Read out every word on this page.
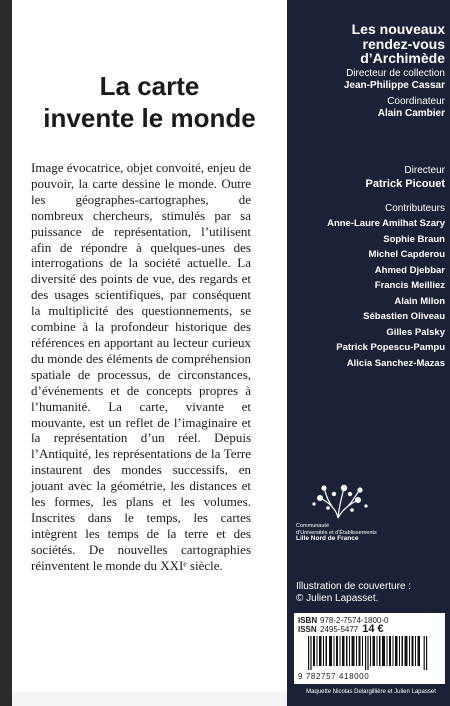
La carte
invente le monde

Image évocatrice, objet convoité, enjeu de pouvoir, la carte dessine le monde. Outre les géographes-cartographes, de nombreux chercheurs, stimulés par sa puissance de représentation, l’utilisent afin de répondre à quelques-unes des interrogations de la société actuelle. La diversité des points de vue, des regards et des usages scientifiques, par conséquent la multiplicité des questionnements, se combine à la profondeur historique des références en apportant au lecteur curieux du monde des éléments de compréhension spatiale de processus, de circonstances, d’événements et de concepts propres à l’humanité. La carte, vivante et mouvante, est un reflet de l’imaginaire et la représentation d’un réel. Depuis l’Antiquité, les représentations de la Terre instaurent des mondes successifs, en jouant avec la géométrie, les distances et les formes, les plans et les volumes. Inscrites dans le temps, les cartes intègrent les temps de la terre et des sociétés. De nouvelles cartographies réinventent le monde du XXIᵉ siècle.

Les nouveaux
rendez-vous
d’Archimède
Directeur de collection
Jean-Philippe Cassar
Coordinateur
Alain Cambier
Directeur
Patrick Picouet
Contributeurs
Anne-Laure Amilhat Szary
Sophie Braun
Michel Capderou
Ahmed Djebbar
Francis Meilliez
Alain Milon
Sébastien Oliveau
Gilles Palsky
Patrick Popescu-Pampu
Alicia Sanchez-Mazas
Communauté
d’Universités et d’Établissements
Lille Nord de France
Illustration de couverture :
© Julien Lapasset.
ISBN 978-2-7574-1800-0
ISSN 2495-5477 14 €
9 782757 418000
Maquette Nicolas Delargillière et Julien Lapasset
